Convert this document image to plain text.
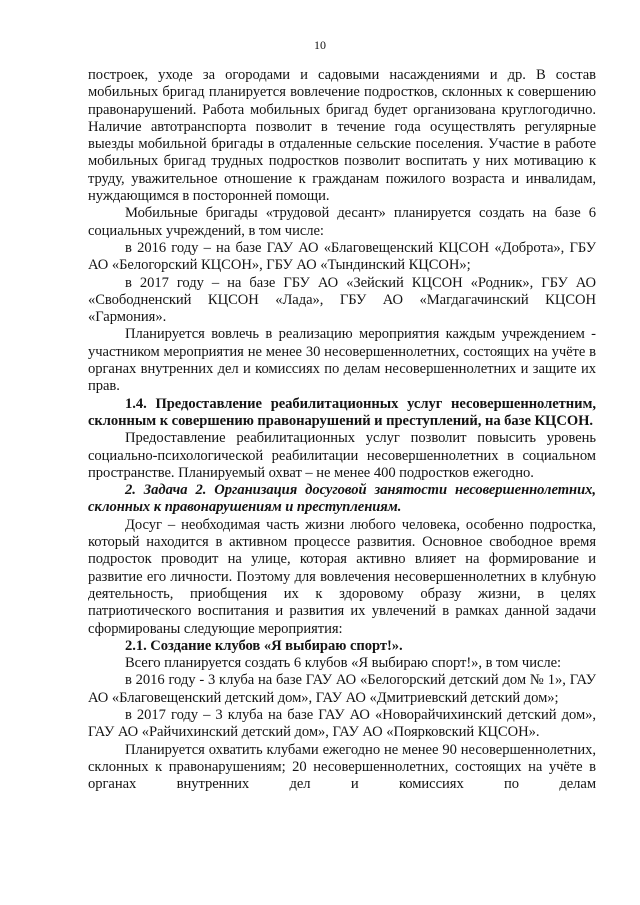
10

построек, уходе за огородами и садовыми насаждениями и др. В состав мобильных бригад планируется вовлечение подростков, склонных к совершению правонарушений. Работа мобильных бригад будет организована круглогодично. Наличие автотранспорта позволит в течение года осуществлять регулярные выезды мобильной бригады в отдаленные сельские поселения. Участие в работе мобильных бригад трудных подростков позволит воспитать у них мотивацию к труду, уважительное отношение к гражданам пожилого возраста и инвалидам, нуждающимся в посторонней помощи.

Мобильные бригады «трудовой десант» планируется создать на базе 6 социальных учреждений, в том числе:

в 2016 году – на базе ГАУ АО «Благовещенский КЦСОН «Доброта», ГБУ АО «Белогорский КЦСОН», ГБУ АО «Тындинский КЦСОН»;

в 2017 году – на базе ГБУ АО «Зейский КЦСОН «Родник», ГБУ АО «Свободненский КЦСОН «Лада», ГБУ АО «Магдагачинский КЦСОН «Гармония».

Планируется вовлечь в реализацию мероприятия каждым учреждением - участником мероприятия не менее 30 несовершеннолетних, состоящих на учёте в органах внутренних дел и комиссиях по делам несовершеннолетних и защите их прав.

1.4. Предоставление реабилитационных услуг несовершеннолетним, склонным к совершению правонарушений и преступлений, на базе КЦСОН.

Предоставление реабилитационных услуг позволит повысить уровень социально-психологической реабилитации несовершеннолетних в социальном пространстве. Планируемый охват – не менее 400 подростков ежегодно.

2. Задача 2. Организация досуговой занятости несовершеннолетних, склонных к правонарушениям и преступлениям.

Досуг – необходимая часть жизни любого человека, особенно подростка, который находится в активном процессе развития. Основное свободное время подросток проводит на улице, которая активно влияет на формирование и развитие его личности. Поэтому для вовлечения несовершеннолетних в клубную деятельность, приобщения их к здоровому образу жизни, в целях патриотического воспитания и развития их увлечений в рамках данной задачи сформированы следующие мероприятия:

2.1. Создание клубов «Я выбираю спорт!».

Всего планируется создать 6 клубов «Я выбираю спорт!», в том числе:

в 2016 году - 3 клуба на базе ГАУ АО «Белогорский детский дом № 1», ГАУ АО «Благовещенский детский дом», ГАУ АО «Дмитриевский детский дом»;

в 2017 году – 3 клуба на базе ГАУ АО «Новорайчихинский детский дом», ГАУ АО «Райчихинский детский дом», ГАУ АО «Поярковский КЦСОН».

Планируется охватить клубами ежегодно не менее 90 несовершеннолетних, склонных к правонарушениям; 20 несовершеннолетних, состоящих на учёте в органах внутренних дел и комиссиях по делам
